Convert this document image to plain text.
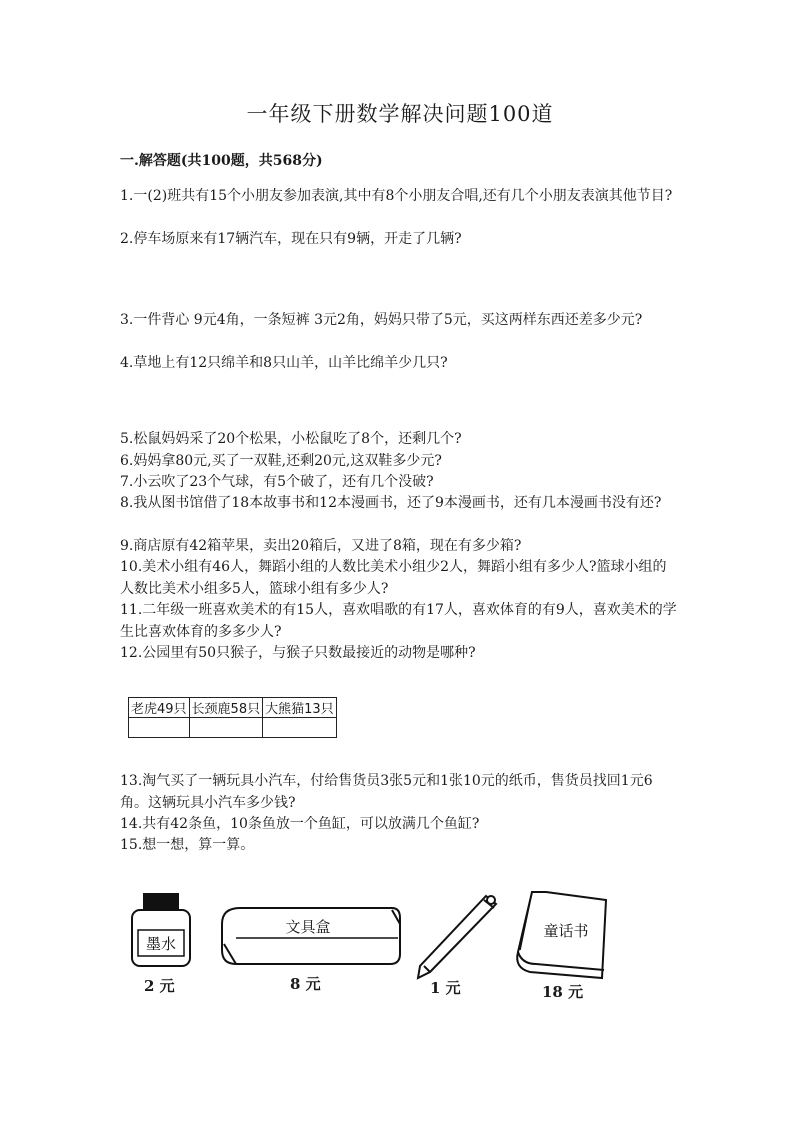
一年级下册数学解决问题100道
一.解答题(共100题，共568分)
1.一(2)班共有15个小朋友参加表演,其中有8个小朋友合唱,还有几个小朋友表演其他节目?
2.停车场原来有17辆汽车，现在只有9辆，开走了几辆?
3.一件背心 9元4角，一条短裤 3元2角，妈妈只带了5元，买这两样东西还差多少元?
4.草地上有12只绵羊和8只山羊，山羊比绵羊少几只?
5.松鼠妈妈采了20个松果，小松鼠吃了8个，还剩几个?
6.妈妈拿80元,买了一双鞋,还剩20元,这双鞋多少元?
7.小云吹了23个气球，有5个破了，还有几个没破?
8.我从图书馆借了18本故事书和12本漫画书，还了9本漫画书，还有几本漫画书没有还?
9.商店原有42箱苹果，卖出20箱后，又进了8箱，现在有多少箱?
10.美术小组有46人，舞蹈小组的人数比美术小组少2人，舞蹈小组有多少人?篮球小组的人数比美术小组多5人，篮球小组有多少人?
11.二年级一班喜欢美术的有15人，喜欢唱歌的有17人，喜欢体育的有9人，喜欢美术的学生比喜欢体育的多多少人?
12.公园里有50只猴子，与猴子只数最接近的动物是哪种?
老虎49只	长颈鹿58只	大熊猫13只

13.淘气买了一辆玩具小汽车，付给售货员3张5元和1张10元的纸币，售货员找回1元6角。这辆玩具小汽车多少钱?
14.共有42条鱼，10条鱼放一个鱼缸，可以放满几个鱼缸?
15.想一想，算一算。
墨水
文具盒	童话书
2 元	8 元	1 元	18 元
